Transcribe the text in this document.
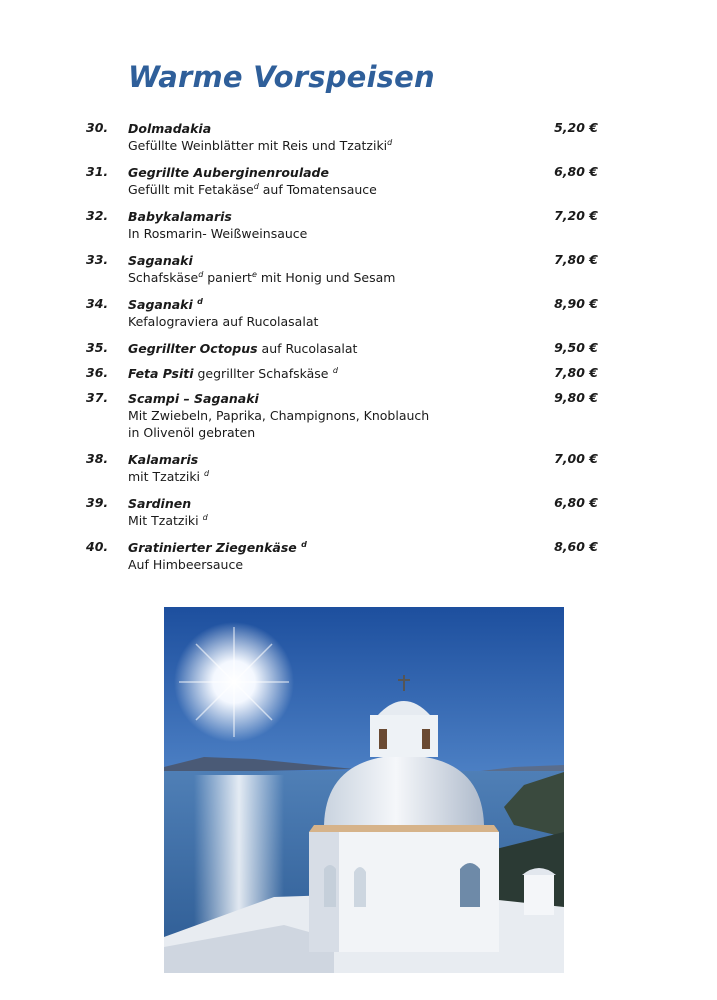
Warme Vorspeisen
30. Dolmadakia
Gefüllte Weinblätter mit Reis und Tzatziki$^d$
5,20 €
31. Gegrillte Auberginenroulade
Gefüllt mit Fetakäse$^d$ auf Tomatensauce
6,80 €
32. Babykalamaris
In Rosmarin- Weißweinsauce
7,20 €
33. Saganaki
Schafskäse$^d$ paniert$^e$ mit Honig und Sesam
7,80 €
34. Saganaki $^d$
Kefalograviera auf Rucolasalat
8,90 €
35. Gegrillter Octopus auf Rucolasalat	9,50 €
36. Feta Psiti gegrillter Schafskäse $^d$	7,80 €
37. Scampi – Saganaki
Mit Zwiebeln, Paprika, Champignons, Knoblauch
in Olivenöl gebraten
9,80 €
38. Kalamaris
mit Tzatziki $^d$
7,00 €
39. Sardinen
Mit Tzatziki $^d$
6,80 €
40. Gratinierter Ziegenkäse $^d$
Auf Himbeersauce
8,60 €
